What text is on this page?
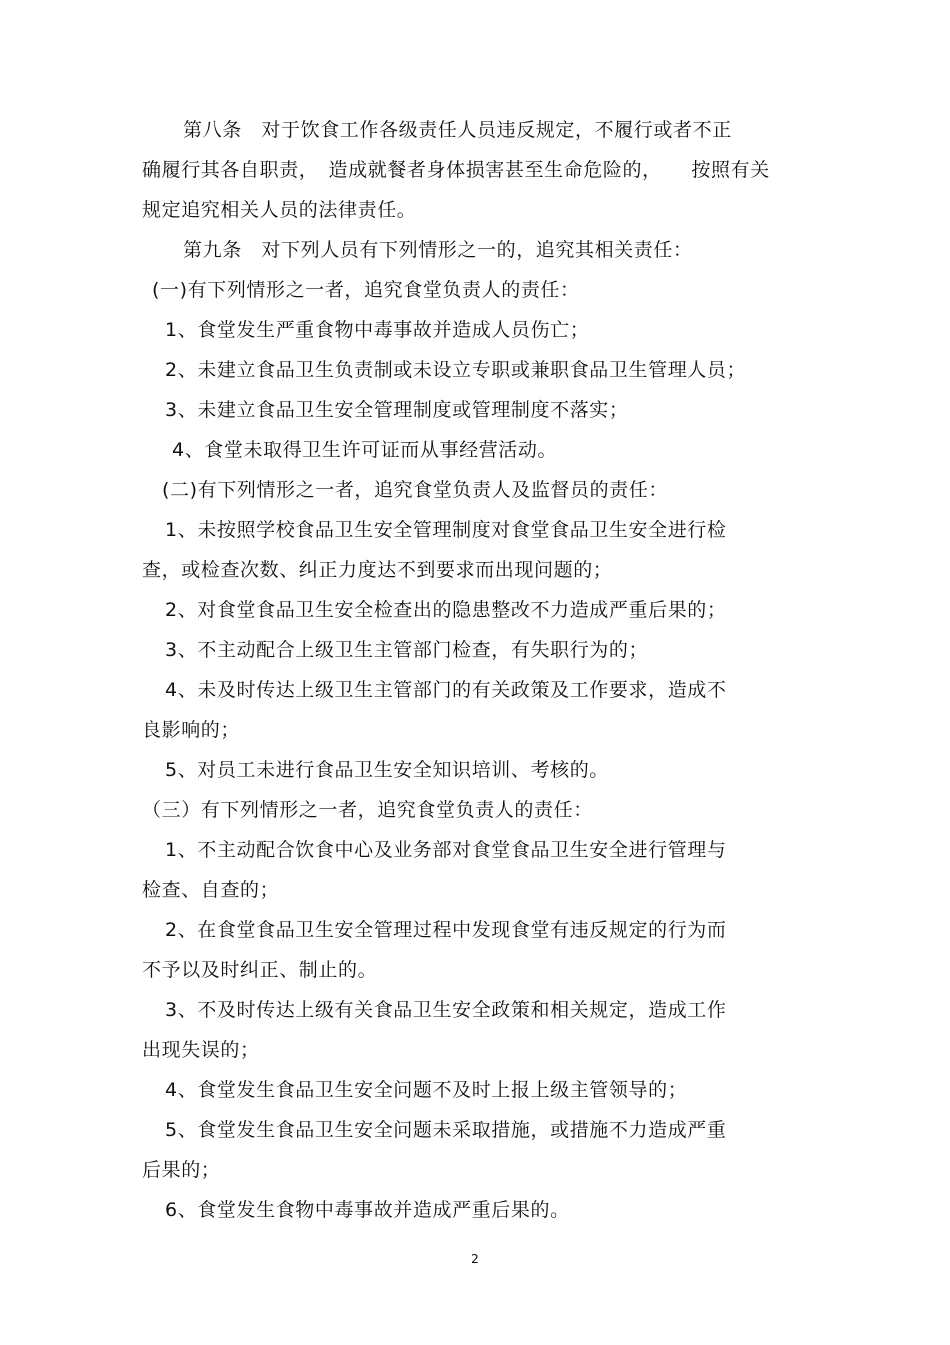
第八条　对于饮食工作各级责任人员违反规定，不履行或者不正
确履行其各自职责，　造成就餐者身体损害甚至生命危险的，　　按照有关
规定追究相关人员的法律责任。
第九条　对下列人员有下列情形之一的，追究其相关责任：
(一)有下列情形之一者，追究食堂负责人的责任：
1、食堂发生严重食物中毒事故并造成人员伤亡；
2、未建立食品卫生负责制或未设立专职或兼职食品卫生管理人员；
3、未建立食品卫生安全管理制度或管理制度不落实；
4、食堂未取得卫生许可证而从事经营活动。
(二)有下列情形之一者，追究食堂负责人及监督员的责任：
1、未按照学校食品卫生安全管理制度对食堂食品卫生安全进行检
查，或检查次数、纠正力度达不到要求而出现问题的；
2、对食堂食品卫生安全检查出的隐患整改不力造成严重后果的；
3、不主动配合上级卫生主管部门检查，有失职行为的；
4、未及时传达上级卫生主管部门的有关政策及工作要求，造成不
良影响的；
5、对员工未进行食品卫生安全知识培训、考核的。
（三）有下列情形之一者，追究食堂负责人的责任：
1、不主动配合饮食中心及业务部对食堂食品卫生安全进行管理与
检查、自查的；
2、在食堂食品卫生安全管理过程中发现食堂有违反规定的行为而
不予以及时纠正、制止的。
3、不及时传达上级有关食品卫生安全政策和相关规定，造成工作
出现失误的；
4、食堂发生食品卫生安全问题不及时上报上级主管领导的；
5、食堂发生食品卫生安全问题未采取措施，或措施不力造成严重
后果的；
6、食堂发生食物中毒事故并造成严重后果的。
2
